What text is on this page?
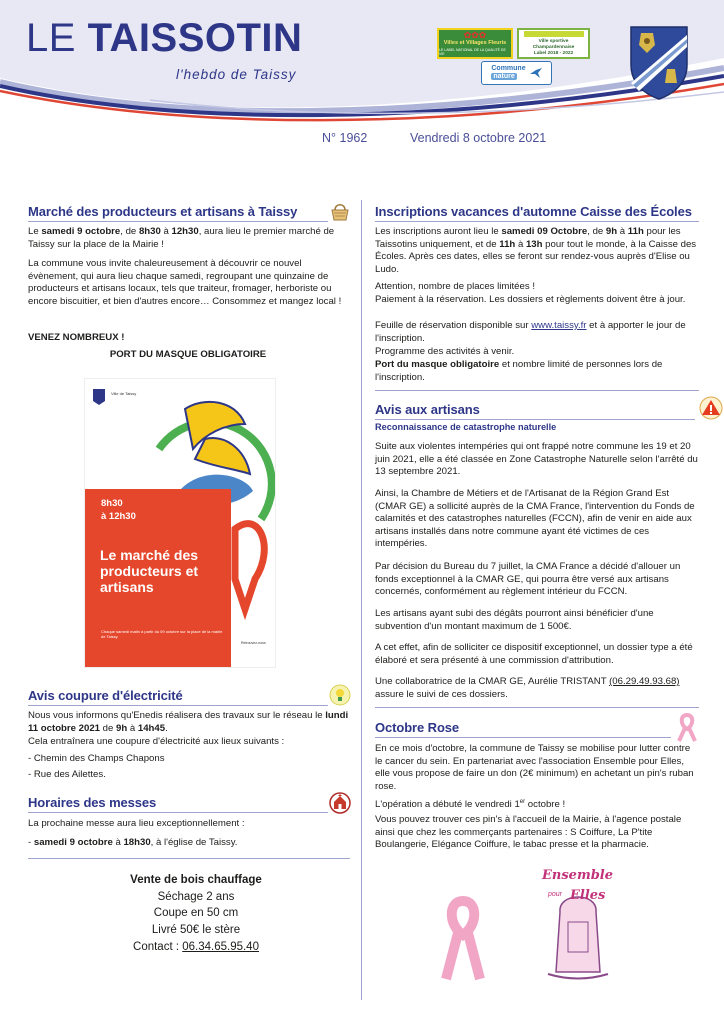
LE TAISSOTIN
l'hebdo de Taissy
✿✿✿
Villes et Villages Fleuris
LE LABEL NATIONAL DE LA QUALITÉ DE VIE
Ville sportive
Champardennaise
Label 2018 - 2022
Commune
nature
N° 1962	Vendredi 8 octobre 2021
Marché des producteurs et artisans à Taissy
Le samedi 9 octobre, de 8h30 à 12h30, aura lieu le premier marché de Taissy sur la place de la Mairie !
La commune vous invite chaleureusement à découvrir ce nouvel évènement, qui aura lieu chaque samedi, regroupant une quinzaine de producteurs et artisans locaux, tels que traiteur, fromager, herboriste ou encore biscuitier, et bien d'autres encore… Consommez et mangez local !
VENEZ NOMBREUX !
PORT DU MASQUE OBLIGATOIRE
Ville de Taissy
8h30
à 12h30
Le marché des producteurs et artisans
Chaque samedi matin à partir du 09 octobre sur la place de la mairie de Taissy.
Retrouvez-nous
Avis coupure d'électricité
Nous vous informons qu'Enedis réalisera des travaux sur le réseau le lundi 11 octobre 2021 de 9h à 14h45.
Cela entraînera une coupure d'électricité aux lieux suivants :
- Chemin des Champs Chapons
- Rue des Ailettes.
Horaires des messes
La prochaine messe aura lieu exceptionnellement :
- samedi 9 octobre à 18h30, à l'église de Taissy.
Vente de bois chauffage
Séchage 2 ans
Coupe en 50 cm
Livré 50€ le stère
Contact : 06.34.65.95.40
Inscriptions vacances d'automne Caisse des Écoles
Les inscriptions auront lieu le samedi 09 Octobre, de 9h à 11h pour les Taissotins uniquement, et de 11h à 13h pour tout le monde, à la Caisse des Écoles. Après ces dates, elles se feront sur rendez-vous auprès d'Elise ou Ludo.
Attention, nombre de places limitées !
Paiement à la réservation. Les dossiers et règlements doivent être à jour.
Feuille de réservation disponible sur www.taissy.fr et à apporter le jour de l'inscription.
Programme des activités à venir.
Port du masque obligatoire et nombre limité de personnes lors de l'inscription.
Avis aux artisans
Reconnaissance de catastrophe naturelle
Suite aux violentes intempéries qui ont frappé notre commune les 19 et 20 juin 2021, elle a été classée en Zone Catastrophe Naturelle selon l'arrêté du 13 septembre 2021.
Ainsi, la Chambre de Métiers et de l'Artisanat de la Région Grand Est (CMAR GE) a sollicité auprès de la CMA France, l'intervention du Fonds de calamités et des catastrophes naturelles (FCCN), afin de venir en aide aux artisans installés dans notre commune ayant été victimes de ces intempéries.
Par décision du Bureau du 7 juillet, la CMA France a décidé d'allouer un fonds exceptionnel à la CMAR GE, qui pourra être versé aux artisans concernés, conformément au règlement intérieur du FCCN.
Les artisans ayant subi des dégâts pourront ainsi bénéficier d'une subvention d'un montant maximum de 1 500€.
A cet effet, afin de solliciter ce dispositif exceptionnel, un dossier type a été élaboré et sera présenté à une commission d'attribution.
Une collaboratrice de la CMAR GE, Aurélie TRISTANT (06.29.49.93.68) assure le suivi de ces dossiers.
Octobre Rose
En ce mois d'octobre, la commune de Taissy se mobilise pour lutter contre le cancer du sein. En partenariat avec l'association Ensemble pour Elles, elle vous propose de faire un don (2€ minimum) en achetant un pin's ruban rose.
L'opération a débuté le vendredi 1er octobre !
Vous pouvez trouver ces pin's à l'accueil de la Mairie, à l'agence postale ainsi que chez les commerçants partenaires : S Coiffure, La P'tite Boulangerie, Elégance Coiffure, le tabac presse et la pharmacie.
Ensemble
pour Elles
